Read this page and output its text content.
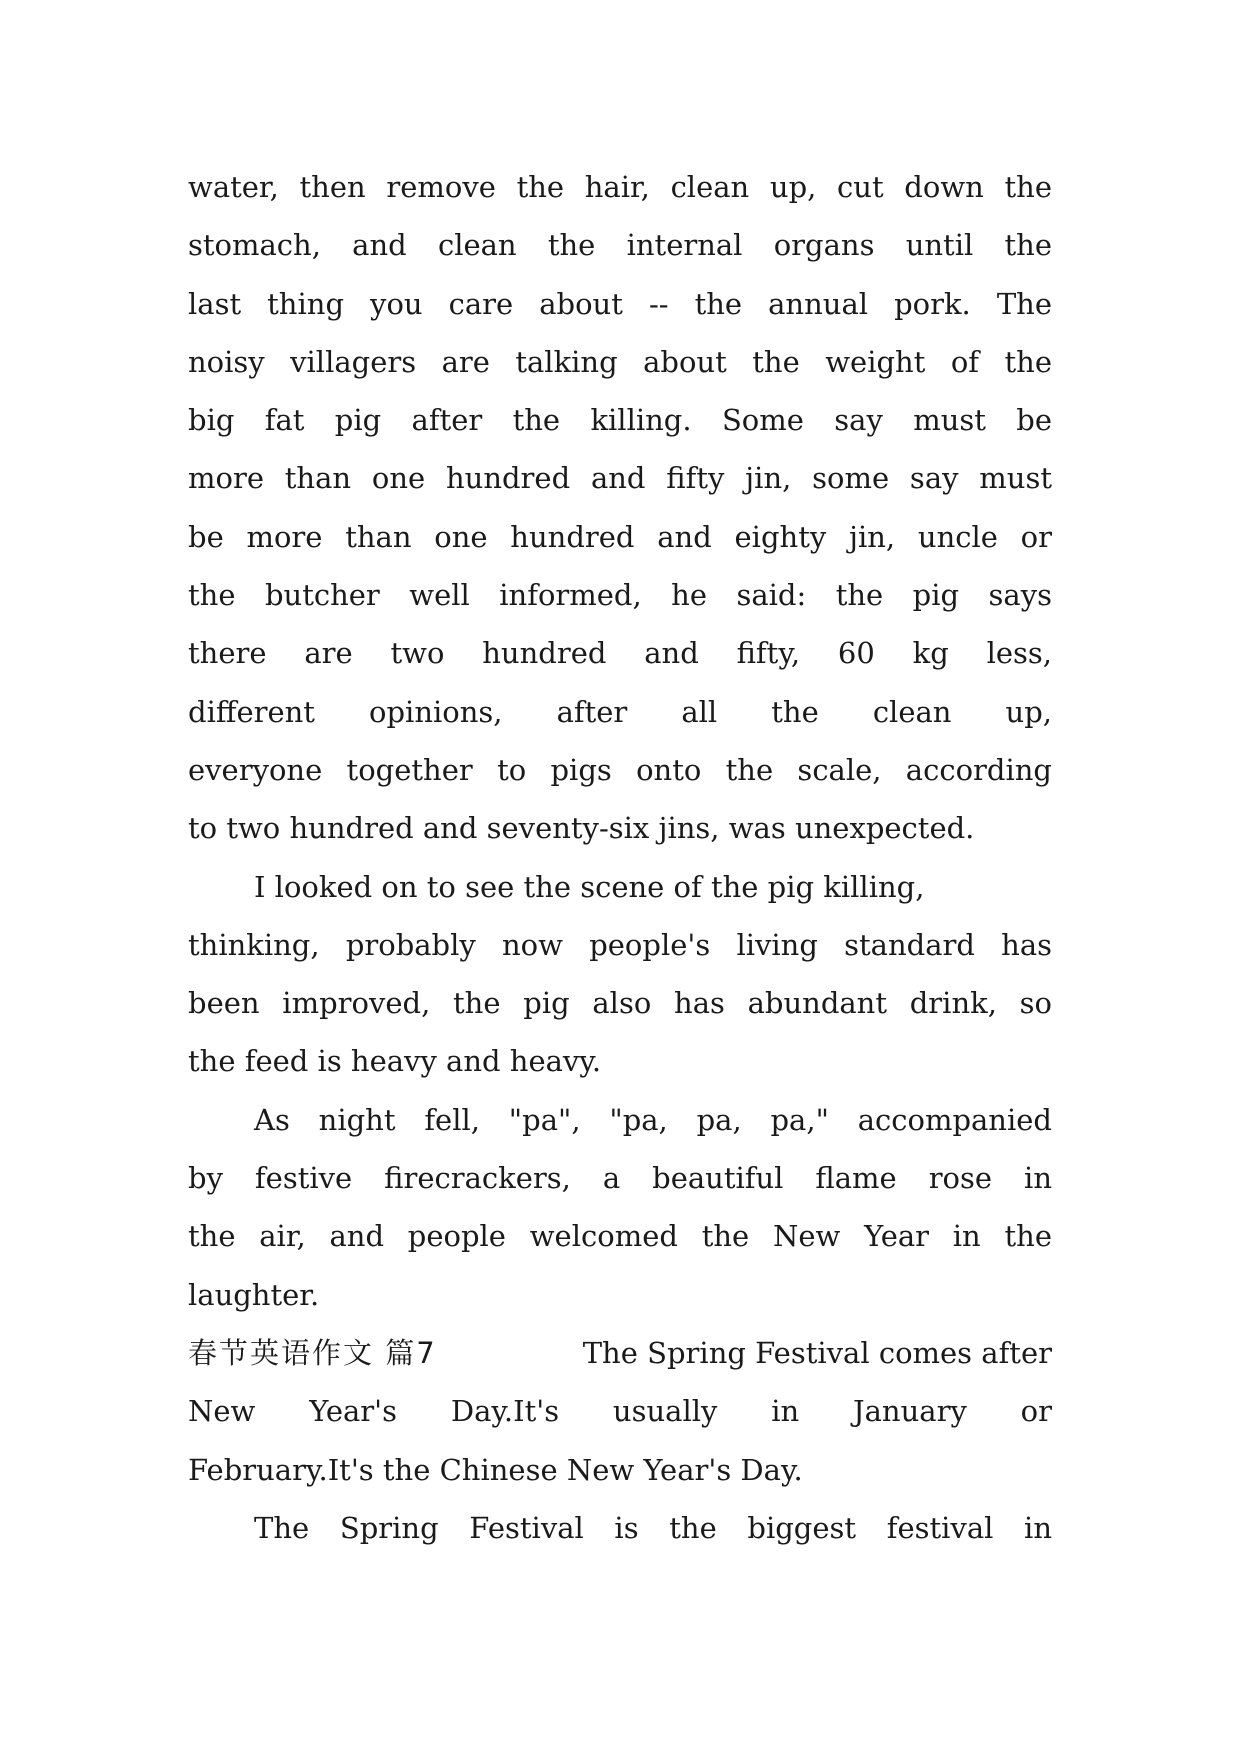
water, then remove the hair, clean up, cut down the
stomach, and clean the internal organs until the
last thing you care about -- the annual pork. The
noisy villagers are talking about the weight of the
big fat pig after the killing. Some say must be
more than one hundred and fifty jin, some say must
be more than one hundred and eighty jin, uncle or
the butcher well informed, he said: the pig says
there are two hundred and fifty, 60 kg less,
different opinions, after all the clean up,
everyone together to pigs onto the scale, according
to two hundred and seventy-six jins, was unexpected.
I looked on to see the scene of the pig killing,
thinking, probably now people's living standard has
been improved, the pig also has abundant drink, so
the feed is heavy and heavy.
As night fell, "pa", "pa, pa, pa," accompanied
by festive firecrackers, a beautiful flame rose in
the air, and people welcomed the New Year in the
laughter.
春节英语作文 篇7	The Spring Festival comes after
New Year's Day.It's usually in January or
February.It's the Chinese New Year's Day.
The Spring Festival is the biggest festival in
